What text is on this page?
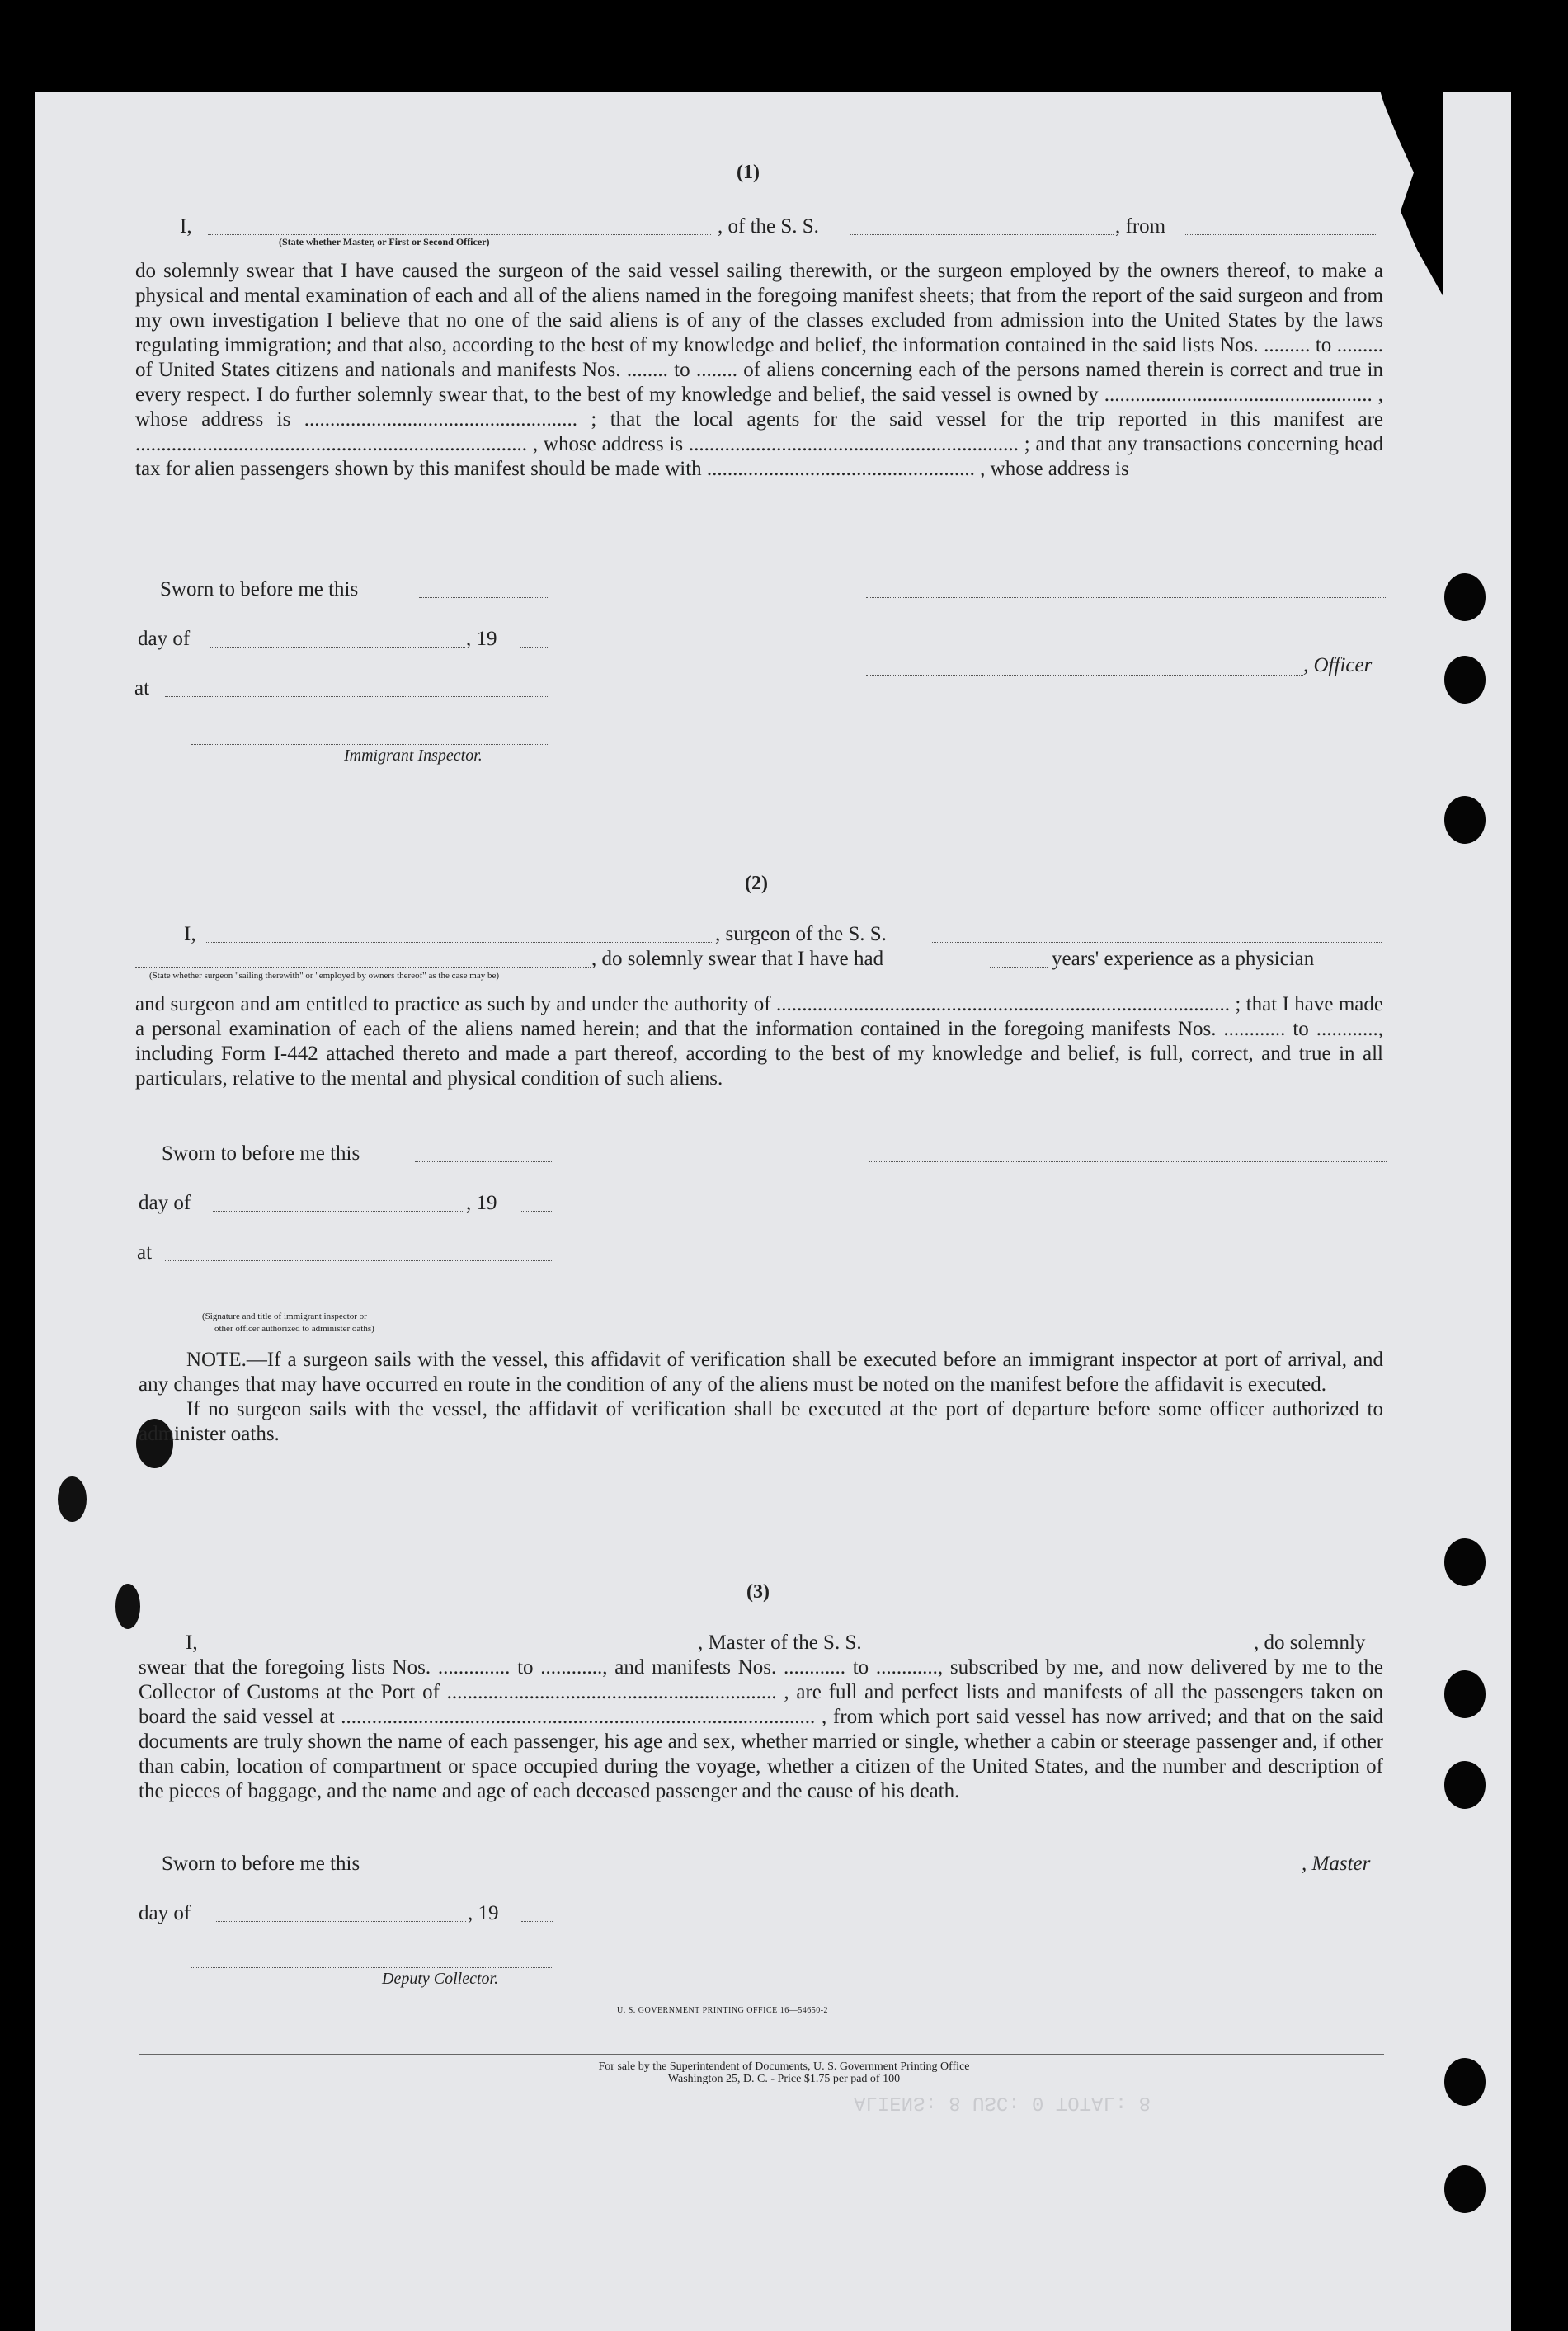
ALIENS: 8 USC: 0 TOTAL: 8
(1)
I,
(State whether Master, or First or Second Officer)
, of the S. S.	, from

do solemnly swear that I have caused the surgeon of the said vessel sailing therewith, or the surgeon employed by the owners thereof, to make a physical and mental examination of each and all of the aliens named in the foregoing manifest sheets; that from the report of the said surgeon and from my own investigation I believe that no one of the said aliens is of any of the classes excluded from admission into the United States by the laws regulating immigration; and that also, according to the best of my knowledge and belief, the information contained in the said lists Nos. ......... to ......... of United States citizens and nationals and manifests Nos. ........ to ........ of aliens concerning each of the persons named therein is correct and true in every respect. I do further solemnly swear that, to the best of my knowledge and belief, the said vessel is owned by .................................................... , whose address is ..................................................... ; that the local agents for the said vessel for the trip reported in this manifest are ............................................................................ , whose address is ................................................................ ; and that any transactions concerning head tax for alien passengers shown by this manifest should be made with .................................................... , whose address is

Sworn to before me this
day of	, 19
, Officer
at
Immigrant Inspector.
(2)
I,	, surgeon of the S. S.
, do solemnly swear that I have had	years' experience as a physician
(State whether surgeon "sailing therewith" or "employed by owners thereof" as the case may be)

and surgeon and am entitled to practice as such by and under the authority of ........................................................................................ ; that I have made a personal examination of each of the aliens named herein; and that the information contained in the foregoing manifests Nos. ............ to ............, including Form I-442 attached thereto and made a part thereof, according to the best of my knowledge and belief, is full, correct, and true in all particulars, relative to the mental and physical condition of such aliens.

Sworn to before me this
day of	, 19
at
(Signature and title of immigrant inspector or
other officer authorized to administer oaths)

NOTE.—If a surgeon sails with the vessel, this affidavit of verification shall be executed before an immigrant inspector at port of arrival, and any changes that may have occurred en route in the condition of any of the aliens must be noted on the manifest before the affidavit is executed.

If no surgeon sails with the vessel, the affidavit of verification shall be executed at the port of departure before some officer authorized to administer oaths.

(3)
I,	, Master of the S. S.	, do solemnly

swear that the foregoing lists Nos. .............. to ............, and manifests Nos. ............ to ............, subscribed by me, and now delivered by me to the Collector of Customs at the Port of ................................................................ , are full and perfect lists and manifests of all the passengers taken on board the said vessel at ............................................................................................ , from which port said vessel has now arrived; and that on the said documents are truly shown the name of each passenger, his age and sex, whether married or single, whether a cabin or steerage passenger and, if other than cabin, location of compartment or space occupied during the voyage, whether a citizen of the United States, and the number and description of the pieces of baggage, and the name and age of each deceased passenger and the cause of his death.

Sworn to before me this	, Master
day of	, 19
Deputy Collector.
U. S. GOVERNMENT PRINTING OFFICE 16—54650-2
For sale by the Superintendent of Documents, U. S. Government Printing Office
Washington 25, D. C. - Price $1.75 per pad of 100
